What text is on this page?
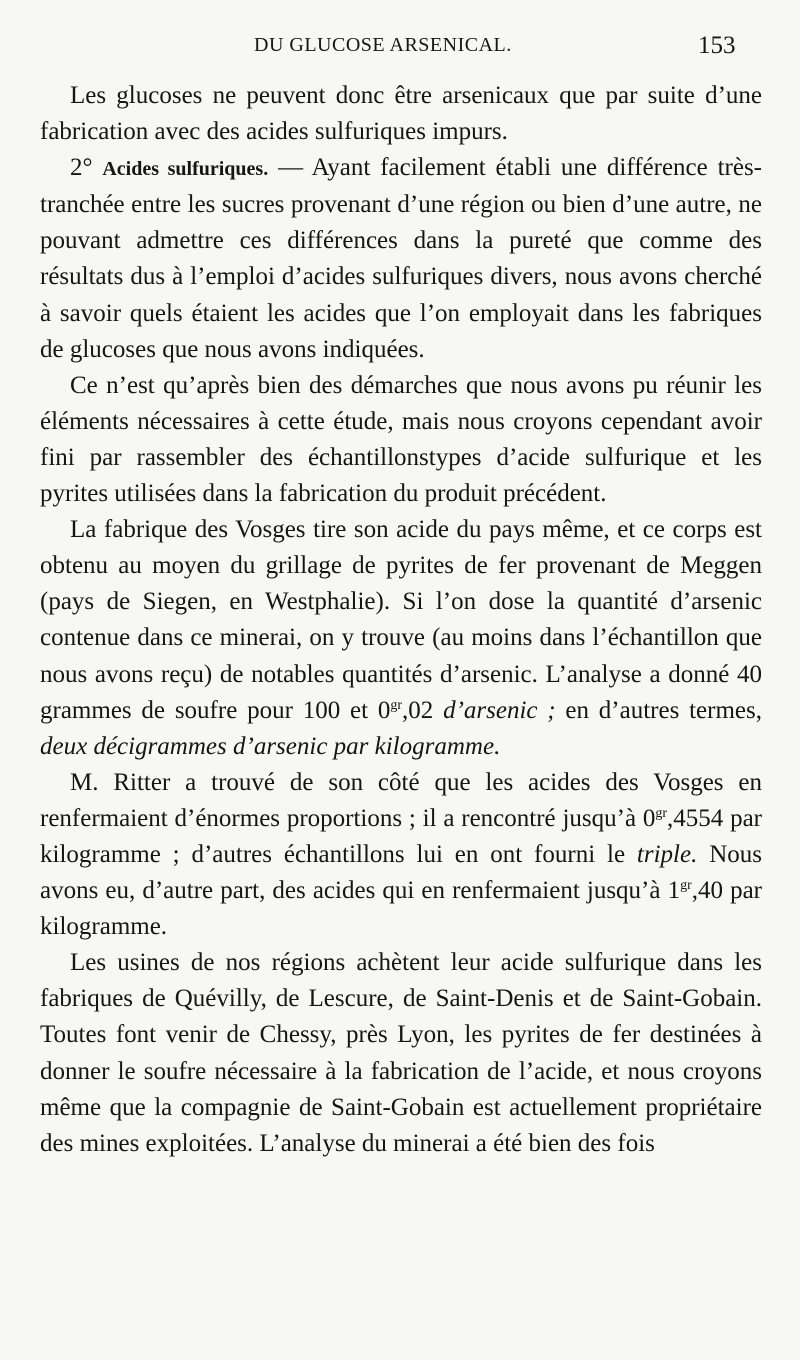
DU GLUCOSE ARSENICAL.	153

Les glucoses ne peuvent donc être arsenicaux que par suite d’une fabrication avec des acides sulfuriques impurs.

2° Acides sulfuriques. — Ayant facilement établi une différence très-tranchée entre les sucres provenant d’une région ou bien d’une autre, ne pouvant admettre ces différences dans la pureté que comme des résultats dus à l’emploi d’acides sulfuriques divers, nous avons cherché à savoir quels étaient les acides que l’on employait dans les fabriques de glucoses que nous avons indiquées.

Ce n’est qu’après bien des démarches que nous avons pu réunir les éléments nécessaires à cette étude, mais nous croyons cependant avoir fini par rassembler des échantillonstypes d’acide sulfurique et les pyrites utilisées dans la fabrication du produit précédent.

La fabrique des Vosges tire son acide du pays même, et ce corps est obtenu au moyen du grillage de pyrites de fer provenant de Meggen (pays de Siegen, en Westphalie). Si l’on dose la quantité d’arsenic contenue dans ce minerai, on y trouve (au moins dans l’échantillon que nous avons reçu) de notables quantités d’arsenic. L’analyse a donné 40 grammes de soufre pour 100 et $0^{gr},02$ d’arsenic ; en d’autres termes, deux décigrammes d’arsenic par kilogramme.

M. Ritter a trouvé de son côté que les acides des Vosges en renfermaient d’énormes proportions ; il a rencontré jusqu’à $0^{gr},4554$ par kilogramme ; d’autres échantillons lui en ont fourni le triple. Nous avons eu, d’autre part, des acides qui en renfermaient jusqu’à $1^{gr},40$ par kilogramme.

Les usines de nos régions achètent leur acide sulfurique dans les fabriques de Quévilly, de Lescure, de Saint-Denis et de Saint-Gobain. Toutes font venir de Chessy, près Lyon, les pyrites de fer destinées à donner le soufre nécessaire à la fabrication de l’acide, et nous croyons même que la compagnie de Saint-Gobain est actuellement propriétaire des mines exploitées. L’analyse du minerai a été bien des fois
